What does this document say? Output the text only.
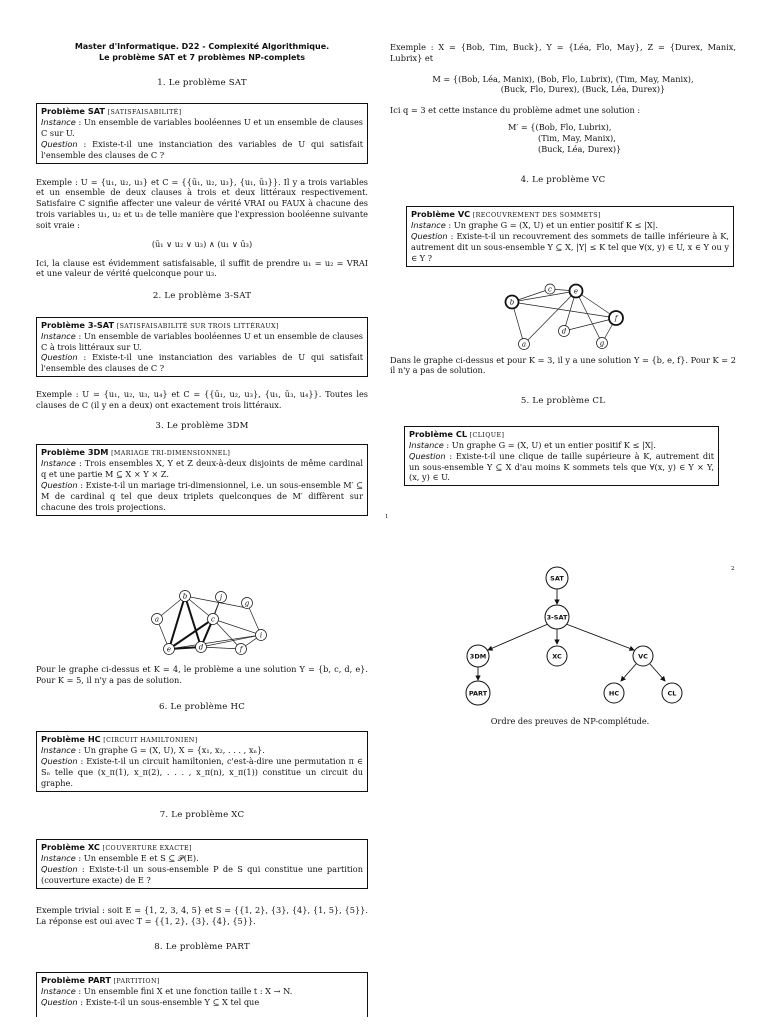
Master d'Informatique. D22 - Complexité Algorithmique.
Le problème SAT et 7 problèmes NP-complets
1. Le problème SAT

Problème SAT [SATISFAISABILITÉ]

Instance : Un ensemble de variables booléennes U et un ensemble de clauses C sur U.

Question : Existe-t-il une instanciation des variables de U qui satisfait l'ensemble des clauses de C ?

Exemple : U = {u₁, u₂, u₃} et C = {{ū₁, u₂, u₃}, {u₁, ū₃}}. Il y a trois variables et un ensemble de deux clauses à trois et deux littéraux respectivement. Satisfaire C signifie affecter une valeur de vérité VRAI ou FAUX à chacune des trois variables u₁, u₂ et u₃ de telle manière que l'expression booléenne suivante soit vraie :

(ū₁ ∨ u₂ ∨ u₃) ∧ (u₁ ∨ ū₃)

Ici, la clause est évidemment satisfaisable, il suffit de prendre u₁ = u₂ = VRAI et une valeur de vérité quelconque pour u₃.

2. Le problème 3-SAT

Problème 3-SAT [SATISFAISABILITÉ SUR TROIS LITTÉRAUX]

Instance : Un ensemble de variables booléennes U et un ensemble de clauses C à trois littéraux sur U.

Question : Existe-t-il une instanciation des variables de U qui satisfait l'ensemble des clauses de C ?

Exemple : U = {u₁, u₂, u₃, u₄} et C = {{ū₁, u₂, u₃}, {u₁, ū₃, u₄}}. Toutes les clauses de C (il y en a deux) ont exactement trois littéraux.

3. Le problème 3DM

Problème 3DM [MARIAGE TRI-DIMENSIONNEL]

Instance : Trois ensembles X, Y et Z deux-à-deux disjoints de même cardinal q et une partie M ⊆ X × Y × Z.

Question : Existe-t-il un mariage tri-dimensionnel, i.e. un sous-ensemble M′ ⊆ M de cardinal q tel que deux triplets quelconques de M′ diffèrent sur chacune des trois projections.

Exemple : X = {Bob, Tim, Buck}, Y = {Léa, Flo, May}, Z = {Durex, Manix, Lubrix} et

M = {(Bob, Léa, Manix), (Bob, Flo, Lubrix), (Tim, May, Manix),
(Buck, Flo, Durex), (Buck, Léa, Durex)}

Ici q = 3 et cette instance du problème admet une solution :

M′ = {(Bob, Flo, Lubrix),
(Tim, May, Manix),
(Buck, Léa, Durex)}
4. Le problème VC

Problème VC [RECOUVREMENT DES SOMMETS]

Instance : Un graphe G = (X, U) et un entier positif K ≤ |X|.

Question : Existe-t-il un recouvrement des sommets de taille inférieure à K, autrement dit un sous-ensemble Y ⊆ X, |Y| ≤ K tel que ∀(x, y) ∈ U, x ∈ Y ou y ∈ Y ?

b
c	e
f
a
d
g

Dans le graphe ci-dessus et pour K = 3, il y a une solution Y = {b, e, f}. Pour K = 2 il n'y a pas de solution.

5. Le problème CL

Problème CL [CLIQUE]

Instance : Un graphe G = (X, U) et un entier positif K ≤ |X|.

Question : Existe-t-il une clique de taille supérieure à K, autrement dit un sous-ensemble Y ⊆ X d'au moins K sommets tels que ∀(x, y) ∈ Y × Y, (x, y) ∈ U.

1
2
b	j
g
a	c
i
e	d	f

Pour le graphe ci-dessus et K = 4, le problème a une solution Y = {b, c, d, e}. Pour K = 5, il n'y a pas de solution.

6. Le problème HC

Problème HC [CIRCUIT HAMILTONIEN]

Instance : Un graphe G = (X, U), X = {x₁, x₂, . . . , xₙ}.

Question : Existe-t-il un circuit hamiltonien, c'est-à-dire une permutation π ∈ Sₙ telle que (x_π(1), x_π(2), . . . , x_π(n), x_π(1)) constitue un circuit du graphe.

7. Le problème XC

Problème XC [COUVERTURE EXACTE]

Instance : Un ensemble E et S ⊆ 𝒫(E).

Question : Existe-t-il un sous-ensemble P de S qui constitue une partition (couverture exacte) de E ?

Exemple trivial : soit E = {1, 2, 3, 4, 5} et S = {{1, 2}, {3}, {4}, {1, 5}, {5}}. La réponse est oui avec T = {{1, 2}, {3}, {4}, {5}}.

8. Le problème PART

Problème PART [PARTITION]

Instance : Un ensemble fini X et une fonction taille t : X → N.

Question : Existe-t-il un sous-ensemble Y ⊆ X tel que

SAT
3-SAT
3DM	XC	VC
PART	HC	CL
Ordre des preuves de NP-complétude.
